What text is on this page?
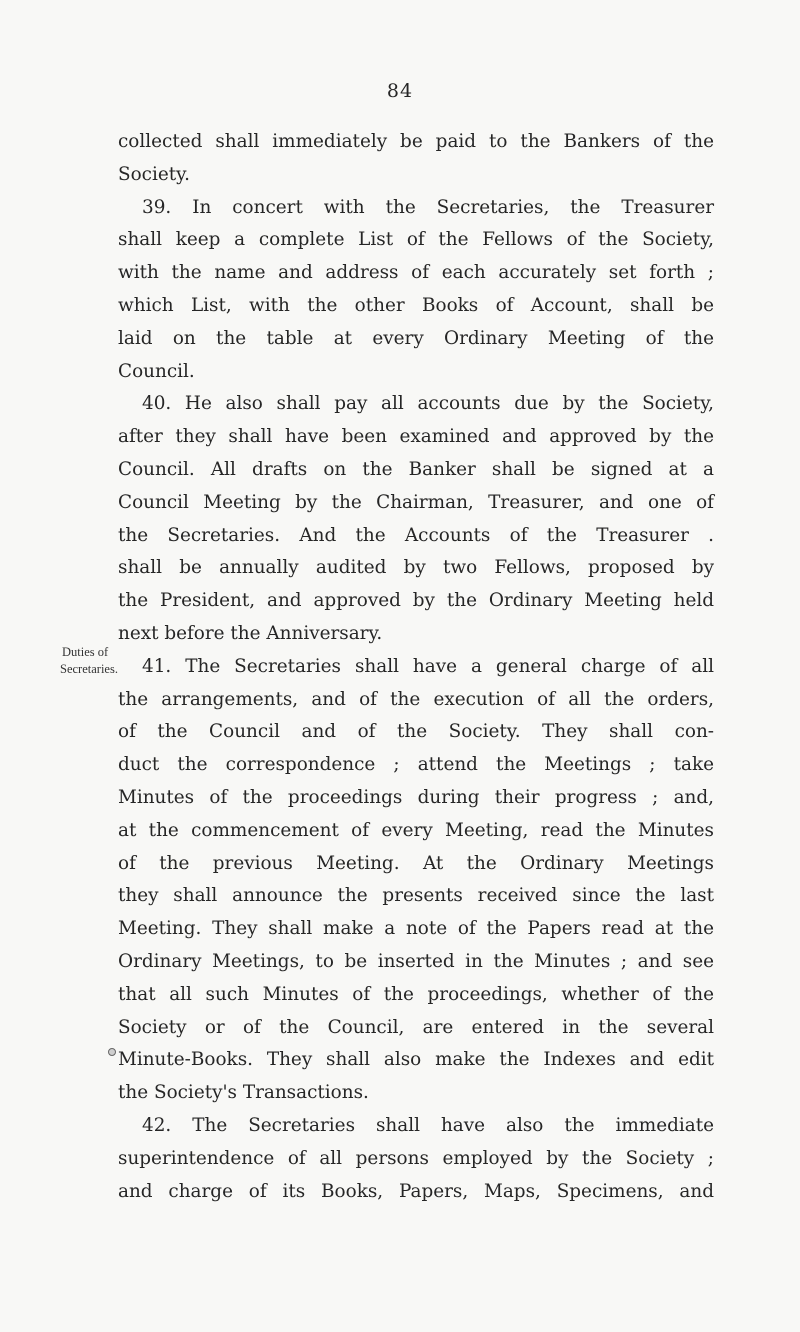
84
Duties of
Secretaries.
collected shall immediately be paid to the Bankers of the
Society.
39. In concert with the Secretaries, the Treasurer
shall keep a complete List of the Fellows of the Society,
with the name and address of each accurately set forth ;
which List, with the other Books of Account, shall be
laid on the table at every Ordinary Meeting of the
Council.
40. He also shall pay all accounts due by the Society,
after they shall have been examined and approved by the
Council. All drafts on the Banker shall be signed at a
Council Meeting by the Chairman, Treasurer, and one of
the Secretaries. And the Accounts of the Treasurer .
shall be annually audited by two Fellows, proposed by
the President, and approved by the Ordinary Meeting held
next before the Anniversary.
41. The Secretaries shall have a general charge of all
the arrangements, and of the execution of all the orders,
of the Council and of the Society. They shall con-
duct the correspondence ; attend the Meetings ; take
Minutes of the proceedings during their progress ; and,
at the commencement of every Meeting, read the Minutes
of the previous Meeting. At the Ordinary Meetings
they shall announce the presents received since the last
Meeting. They shall make a note of the Papers read at the
Ordinary Meetings, to be inserted in the Minutes ; and see
that all such Minutes of the proceedings, whether of the
Society or of the Council, are entered in the several
Minute-Books. They shall also make the Indexes and edit
the Society's Transactions.
42. The Secretaries shall have also the immediate
superintendence of all persons employed by the Society ;
and charge of its Books, Papers, Maps, Specimens, and
